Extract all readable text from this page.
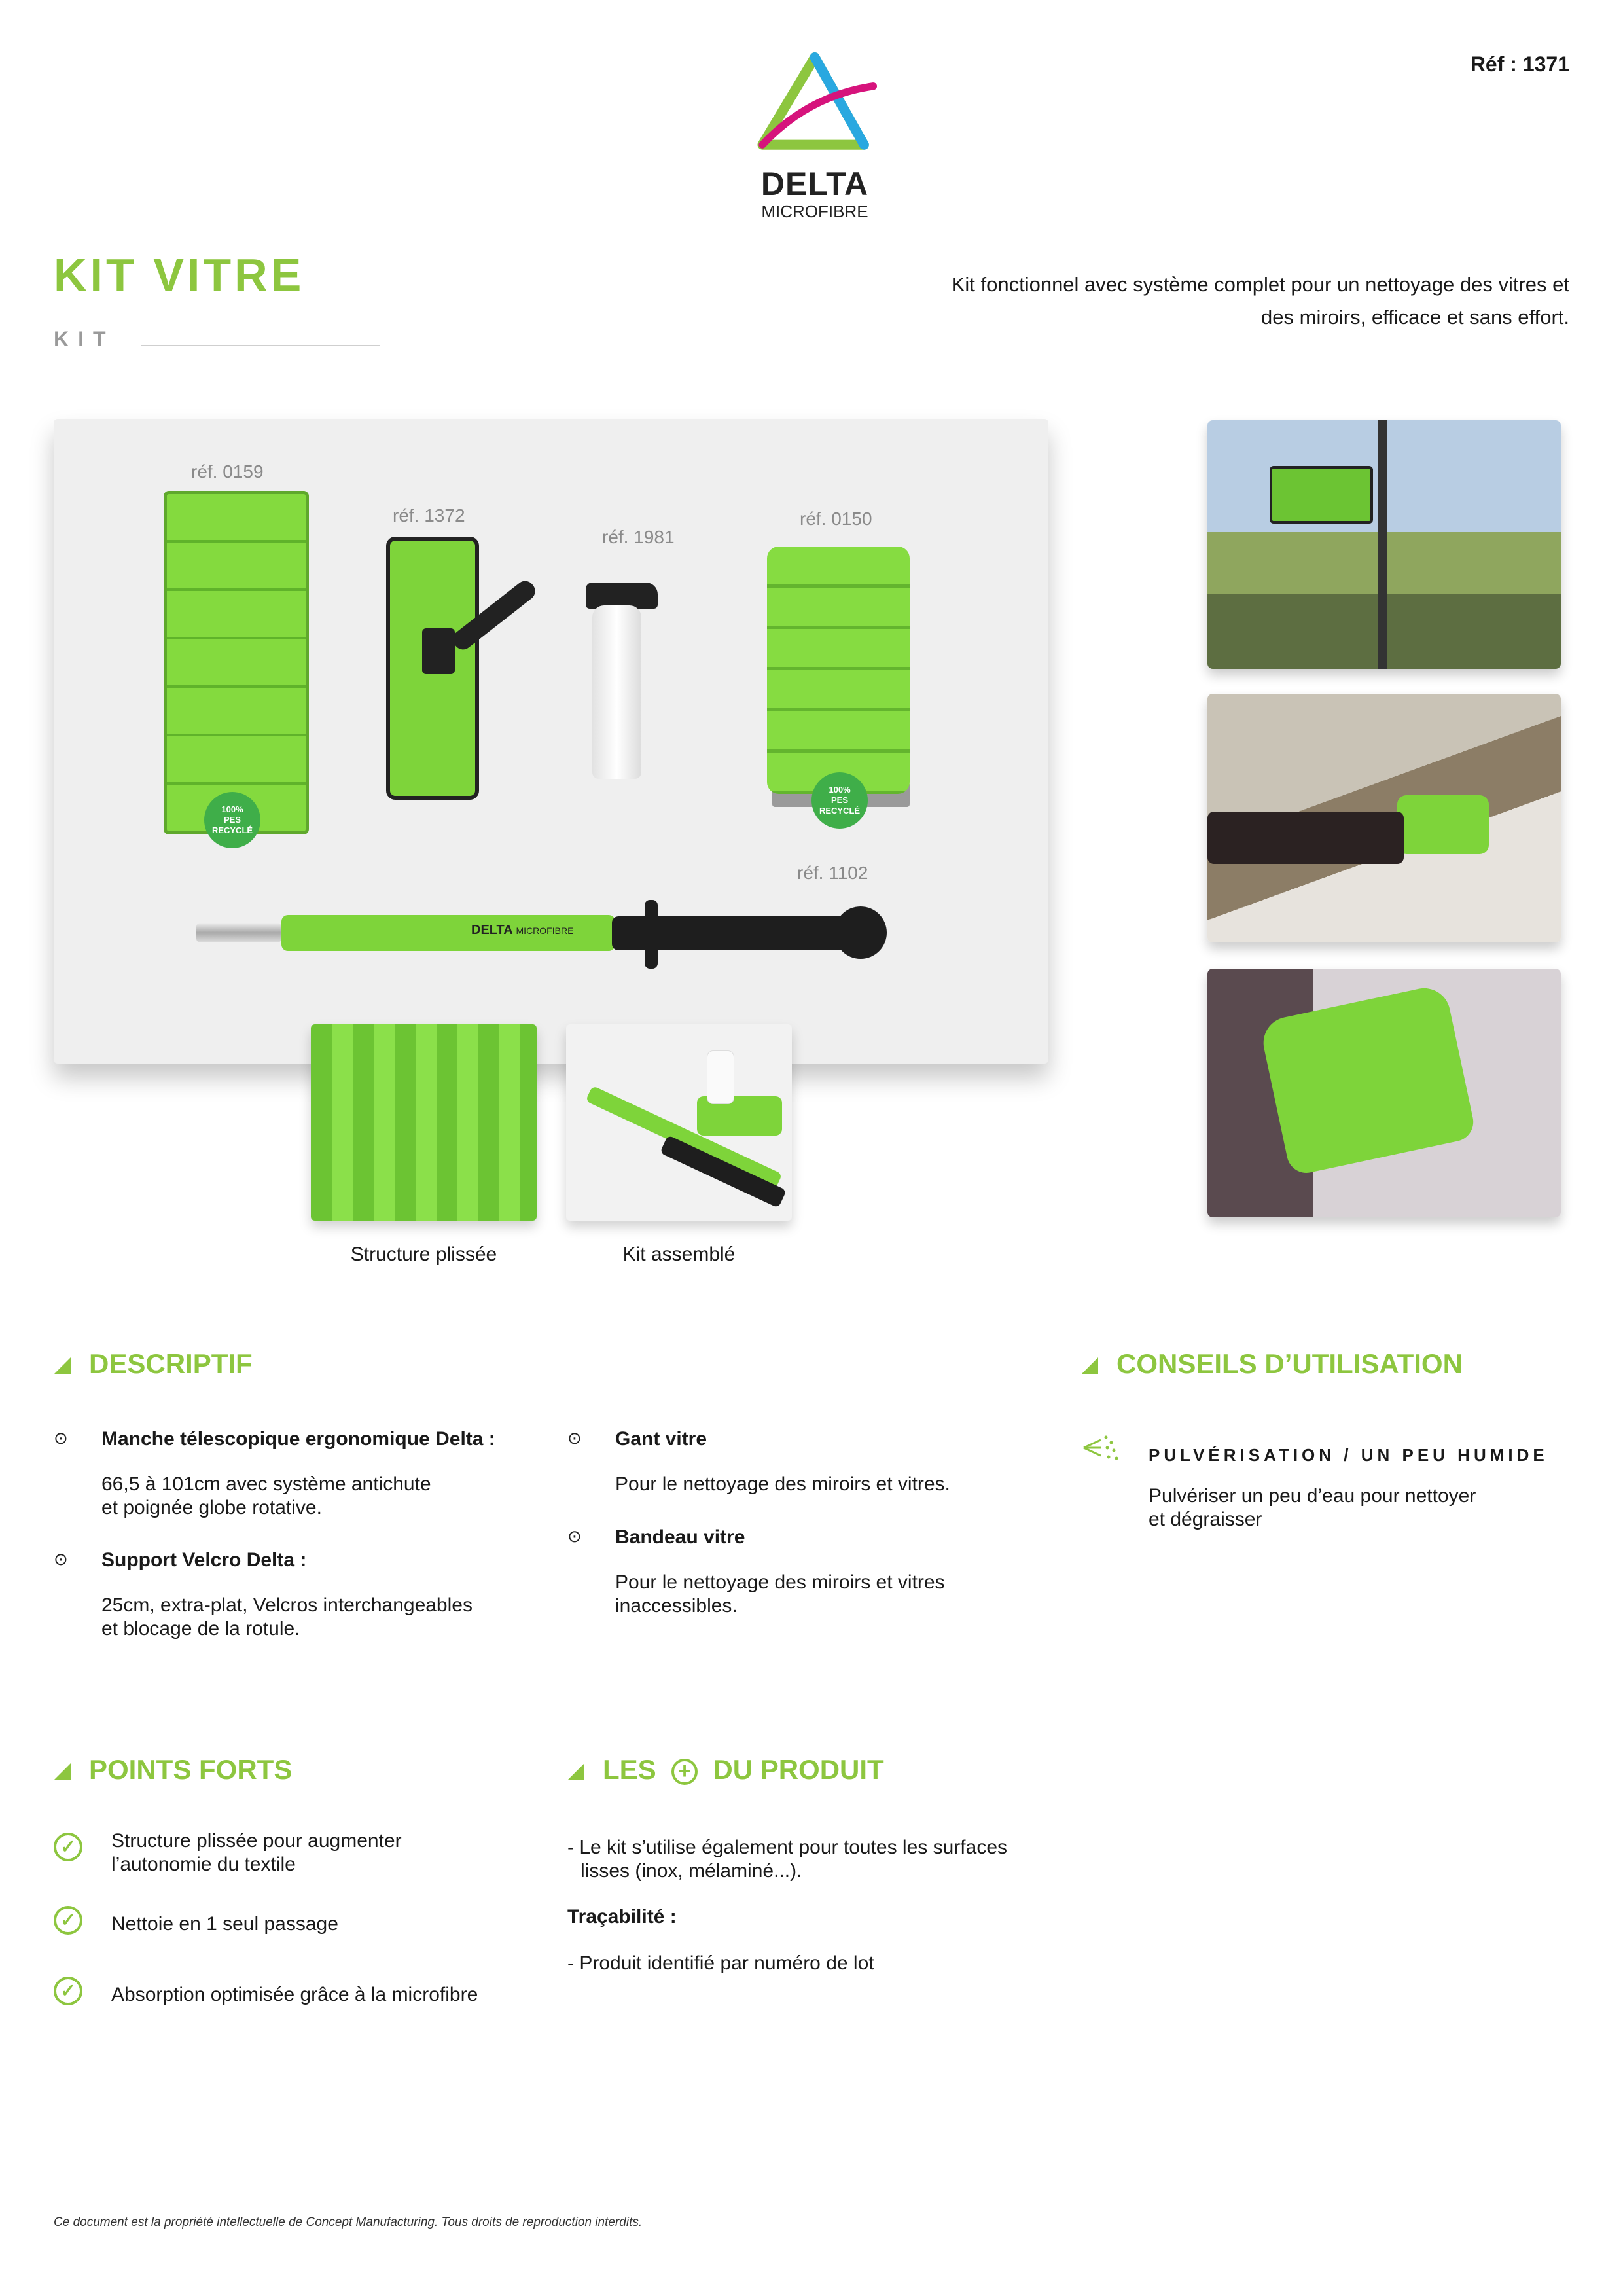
Réf : 1371
DELTA
MICROFIBRE
KIT VITRE
KIT
Kit fonctionnel avec système complet pour un nettoyage des vitres et des miroirs, efficace et sans effort.
réf. 0159
réf. 1372
réf. 1981
réf. 0150
réf. 1102
100%
PES RECYCLÉ
100%
PES RECYCLÉ
DELTA MICROFIBRE
Structure plissée	Kit assemblé
DESCRIPTIF
⊙ Manche télescopique ergonomique Delta :
66,5 à 101cm avec système antichute
et poignée globe rotative.
⊙ Support Velcro Delta :
25cm, extra-plat, Velcros interchangeables
et blocage de la rotule.
⊙ Gant vitre
Pour le nettoyage des miroirs et vitres.
⊙ Bandeau vitre
Pour le nettoyage des miroirs et vitres
inaccessibles.
CONSEILS D’UTILISATION
PULVÉRISATION / UN PEU HUMIDE
Pulvériser un peu d’eau pour nettoyer
et dégraisser
POINTS FORTS
✓	Structure plissée pour augmenter
l’autonomie du textile
✓	Nettoie en 1 seul passage
✓	Absorption optimisée grâce à la microfibre
LES + DU PRODUIT
- Le kit s’utilise également pour toutes les surfaces
lisses (inox, mélaminé...).
Traçabilité :
- Produit identifié par numéro de lot
Ce document est la propriété intellectuelle de Concept Manufacturing. Tous droits de reproduction interdits.
